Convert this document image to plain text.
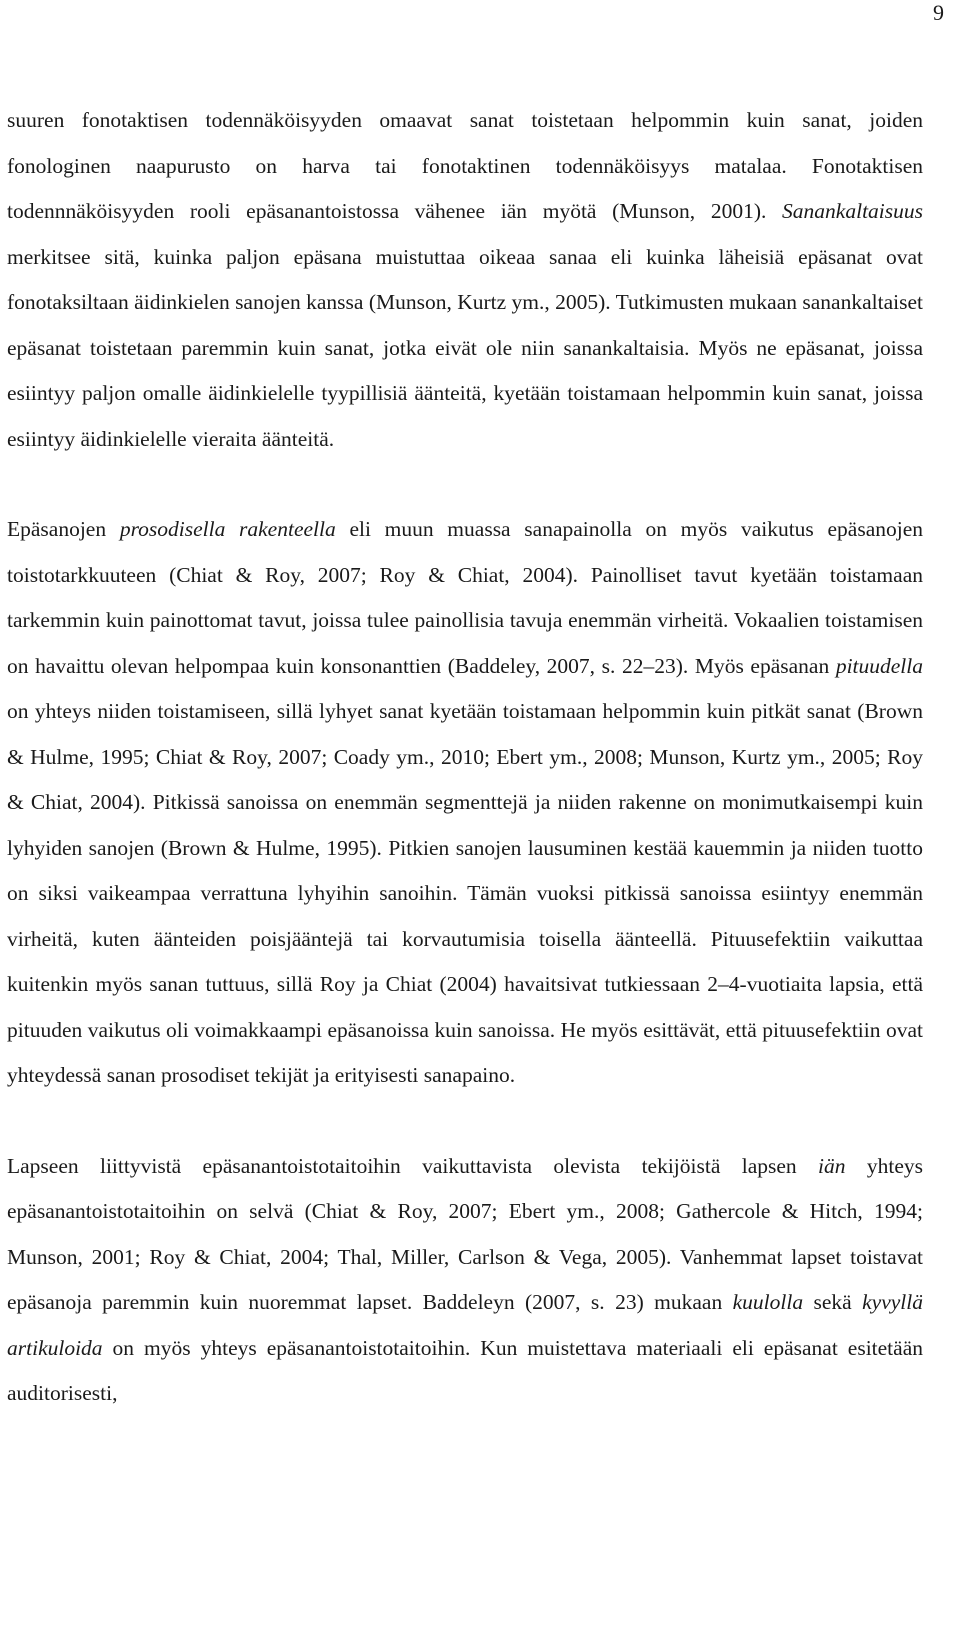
9

suuren fonotaktisen todennäköisyyden omaavat sanat toistetaan helpommin kuin sanat, joiden fonologinen naapurusto on harva tai fonotaktinen todennäköisyys matalaa. Fonotaktisen todennnäköisyyden rooli epäsanantoistossa vähenee iän myötä (Munson, 2001). Sanankaltaisuus merkitsee sitä, kuinka paljon epäsana muistuttaa oikeaa sanaa eli kuinka läheisiä epäsanat ovat fonotaksiltaan äidinkielen sanojen kanssa (Munson, Kurtz ym., 2005). Tutkimusten mukaan sanankaltaiset epäsanat toistetaan paremmin kuin sanat, jotka eivät ole niin sanankaltaisia. Myös ne epäsanat, joissa esiintyy paljon omalle äidinkielelle tyypillisiä äänteitä, kyetään toistamaan helpommin kuin sanat, joissa esiintyy äidinkielelle vieraita äänteitä.

Epäsanojen prosodisella rakenteella eli muun muassa sanapainolla on myös vaikutus epäsanojen toistotarkkuuteen (Chiat & Roy, 2007; Roy & Chiat, 2004). Painolliset tavut kyetään toistamaan tarkemmin kuin painottomat tavut, joissa tulee painollisia tavuja enemmän virheitä. Vokaalien toistamisen on havaittu olevan helpompaa kuin konsonanttien (Baddeley, 2007, s. 22–23). Myös epäsanan pituudella on yhteys niiden toistamiseen, sillä lyhyet sanat kyetään toistamaan helpommin kuin pitkät sanat (Brown & Hulme, 1995; Chiat & Roy, 2007; Coady ym., 2010; Ebert ym., 2008; Munson, Kurtz ym., 2005; Roy & Chiat, 2004). Pitkissä sanoissa on enemmän segmenttejä ja niiden rakenne on monimutkaisempi kuin lyhyiden sanojen (Brown & Hulme, 1995). Pitkien sanojen lausuminen kestää kauemmin ja niiden tuotto on siksi vaikeampaa verrattuna lyhyihin sanoihin. Tämän vuoksi pitkissä sanoissa esiintyy enemmän virheitä, kuten äänteiden poisjääntejä tai korvautumisia toisella äänteellä. Pituusefektiin vaikuttaa kuitenkin myös sanan tuttuus, sillä Roy ja Chiat (2004) havaitsivat tutkiessaan 2–4-vuotiaita lapsia, että pituuden vaikutus oli voimakkaampi epäsanoissa kuin sanoissa. He myös esittävät, että pituusefektiin ovat yhteydessä sanan prosodiset tekijät ja erityisesti sanapaino.

Lapseen liittyvistä epäsanantoistotaitoihin vaikuttavista olevista tekijöistä lapsen iän yhteys epäsanantoistotaitoihin on selvä (Chiat & Roy, 2007; Ebert ym., 2008; Gathercole & Hitch, 1994; Munson, 2001; Roy & Chiat, 2004; Thal, Miller, Carlson & Vega, 2005). Vanhemmat lapset toistavat epäsanoja paremmin kuin nuoremmat lapset. Baddeleyn (2007, s. 23) mukaan kuulolla sekä kyvyllä artikuloida on myös yhteys epäsanantoistotaitoihin. Kun muistettava materiaali eli epäsanat esitetään auditorisesti,
